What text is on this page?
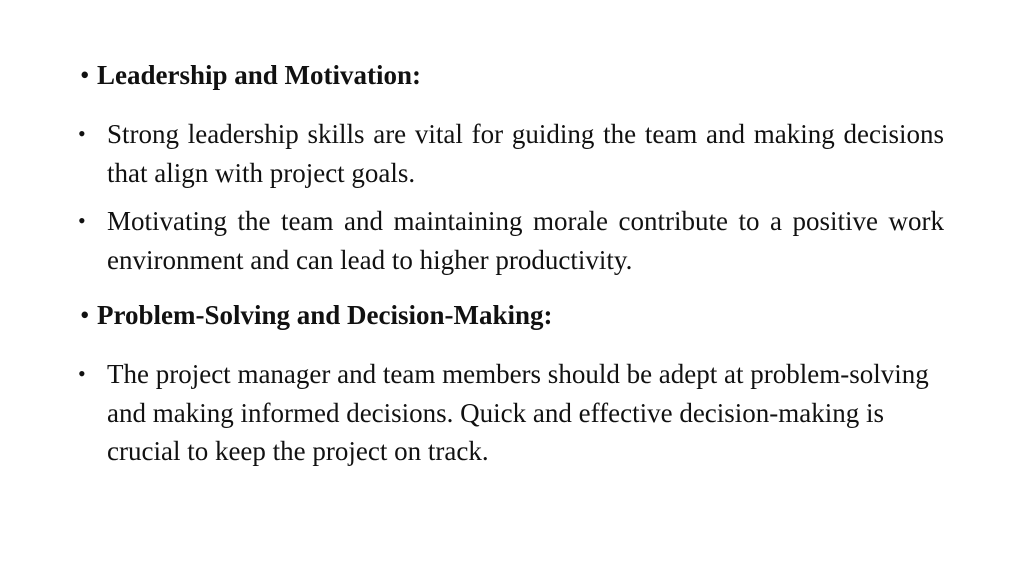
• Leadership and Motivation:
• Strong leadership skills are vital for guiding the team and making decisions that align with project goals.
• Motivating the team and maintaining morale contribute to a positive work environment and can lead to higher productivity.
• Problem-Solving and Decision-Making:
• The project manager and team members should be adept at problem-solving and making informed decisions. Quick and effective decision-making is crucial to keep the project on track.
